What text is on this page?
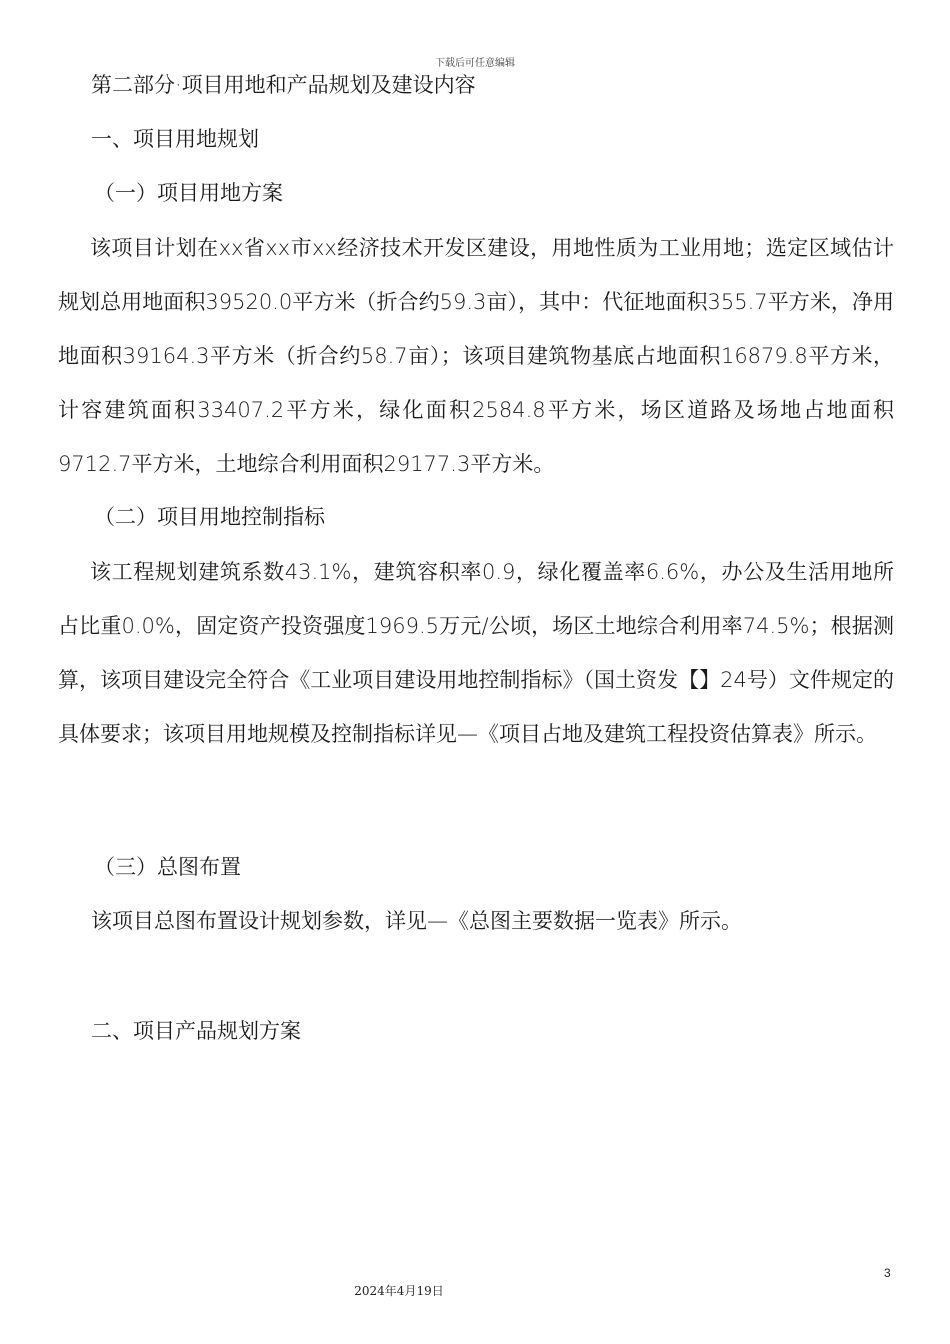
下载后可任意编辑
第二部分·项目用地和产品规划及建设内容
一、项目用地规划
（一）项目用地方案

该项目计划在xx省xx市xx经济技术开发区建设，用地性质为工业用地；选定区域估计规划总用地面积39520.0平方米（折合约59.3亩），其中：代征地面积355.7平方米，净用地面积39164.3平方米（折合约58.7亩）；该项目建筑物基底占地面积16879.8平方米，计容建筑面积33407.2平方米，绿化面积2584.8平方米，场区道路及场地占地面积9712.7平方米，土地综合利用面积29177.3平方米。

（二）项目用地控制指标

该工程规划建筑系数43.1%，建筑容积率0.9，绿化覆盖率6.6%，办公及生活用地所占比重0.0%，固定资产投资强度1969.5万元/公顷，场区土地综合利用率74.5%；根据测算，该项目建设完全符合《工业项目建设用地控制指标》（国土资发【】24号）文件规定的具体要求；该项目用地规模及控制指标详见—《项目占地及建筑工程投资估算表》所示。

（三）总图布置
该项目总图布置设计规划参数，详见—《总图主要数据一览表》所示。
二、项目产品规划方案
3
2024年4月19日
